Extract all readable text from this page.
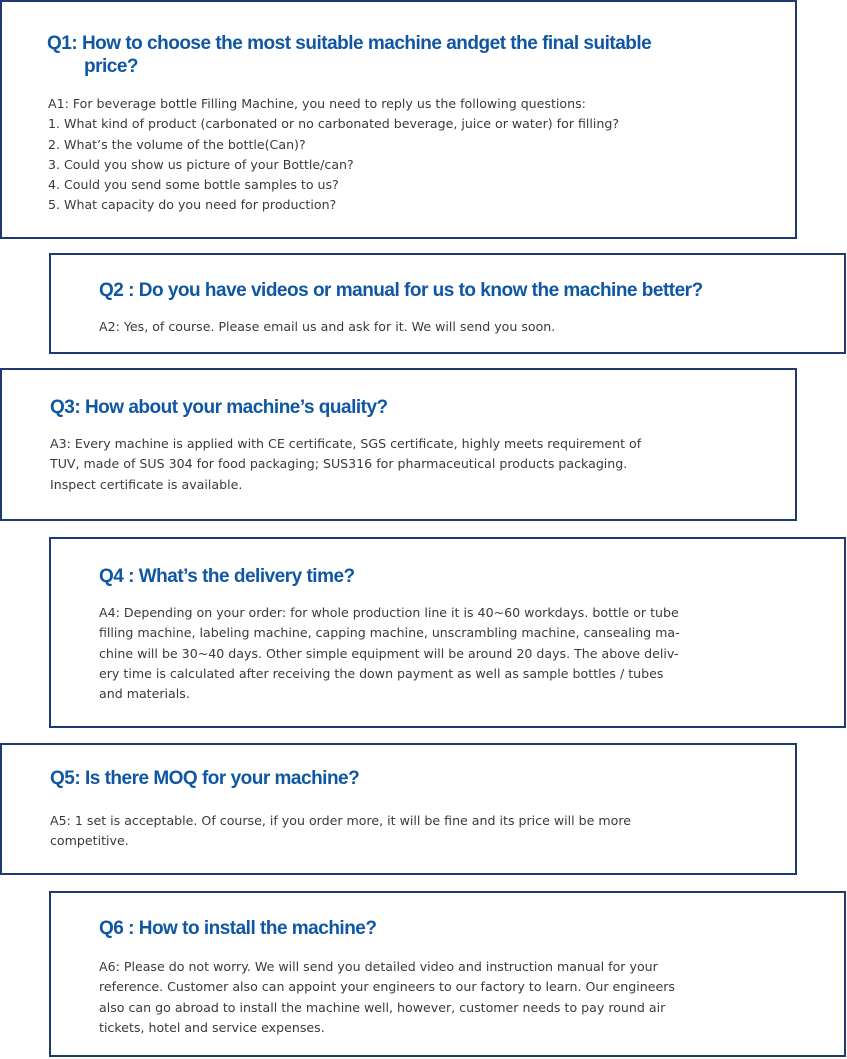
Q1: How to choose the most suitable machine andget the final suitable
price?

A1: For beverage bottle Filling Machine, you need to reply us the following questions:
1. What kind of product (carbonated or no carbonated beverage, juice or water) for filling?
2. What’s the volume of the bottle(Can)?
3. Could you show us picture of your Bottle/can?
4. Could you send some bottle samples to us?
5. What capacity do you need for production?

Q2 : Do you have videos or manual for us to know the machine better?

A2: Yes, of course. Please email us and ask for it. We will send you soon.

Q3: How about your machine’s quality?

A3: Every machine is applied with CE certificate, SGS certificate, highly meets requirement of
TUV, made of SUS 304 for food packaging; SUS316 for pharmaceutical products packaging.
Inspect certificate is available.

Q4 : What’s the delivery time?

A4: Depending on your order: for whole production line it is 40~60 workdays. bottle or tube
filling machine, labeling machine, capping machine, unscrambling machine, cansealing ma-
chine will be 30~40 days. Other simple equipment will be around 20 days. The above deliv-
ery time is calculated after receiving the down payment as well as sample bottles / tubes
and materials.

Q5: Is there MOQ for your machine?

A5: 1 set is acceptable. Of course, if you order more, it will be fine and its price will be more
competitive.

Q6 : How to install the machine?

A6: Please do not worry. We will send you detailed video and instruction manual for your
reference. Customer also can appoint your engineers to our factory to learn. Our engineers
also can go abroad to install the machine well, however, customer needs to pay round air
tickets, hotel and service expenses.
